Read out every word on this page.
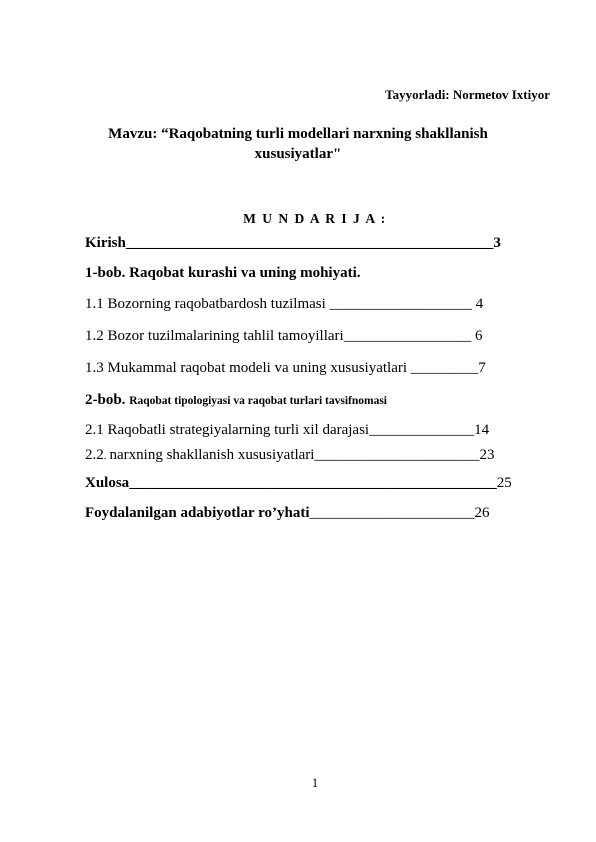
Tayyorladi: Normetov Ixtiyor
Mavzu: “Raqobatning turli modellari narxning shakllanish
xususiyatlar"
M U N D A R I J A :
Kirish_________________________________________________3
1-bob. Raqobat kurashi va uning mohiyati.
1.1 Bozorning raqobatbardosh tuzilmasi ___________________ 4
1.2 Bozor tuzilmalarining tahlil tamoyillari_________________ 6
1.3 Mukammal raqobat modeli va uning xususiyatlari _________7
2-bob. Raqobat tipologiyasi va raqobat turlari tavsifnomasi
2.1 Raqobatli strategiyalarning turli xil darajasi______________14
2.2. narxning shakllanish xususiyatlari______________________23
Xulosa_________________________________________________25
Foydalanilgan adabiyotlar ro’yhati______________________26
1
